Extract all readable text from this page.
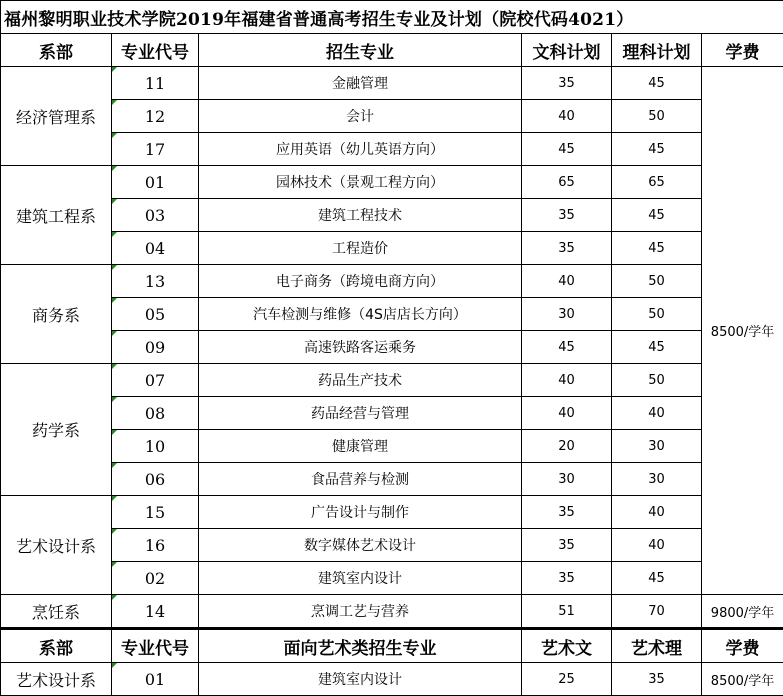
福州黎明职业技术学院2019年福建省普通高考招生专业及计划（院校代码4021）					
系部	专业代号	招生专业	文科计划	理科计划	学费
经济管理系	11	金融管理	35	45	8500/学年
	12	会计	40	50	
	17	应用英语（幼儿英语方向）	45	45	
建筑工程系	01	园林技术（景观工程方向）	65	65	
	03	建筑工程技术	35	45	
	04	工程造价	35	45	
商务系	13	电子商务（跨境电商方向）	40	50	
	05	汽车检测与维修（4S店店长方向）	30	50	
	09	高速铁路客运乘务	45	45	
药学系	07	药品生产技术	40	50	
	08	药品经营与管理	40	40	
	10	健康管理	20	30	
	06	食品营养与检测	30	30	
艺术设计系	15	广告设计与制作	35	40	
	16	数字媒体艺术设计	35	40	
	02	建筑室内设计	35	45	
烹饪系	14	烹调工艺与营养	51	70	9800/学年
系部	专业代号	面向艺术类招生专业	艺术文	艺术理	学费
艺术设计系	01	建筑室内设计	25	35	8500/学年
